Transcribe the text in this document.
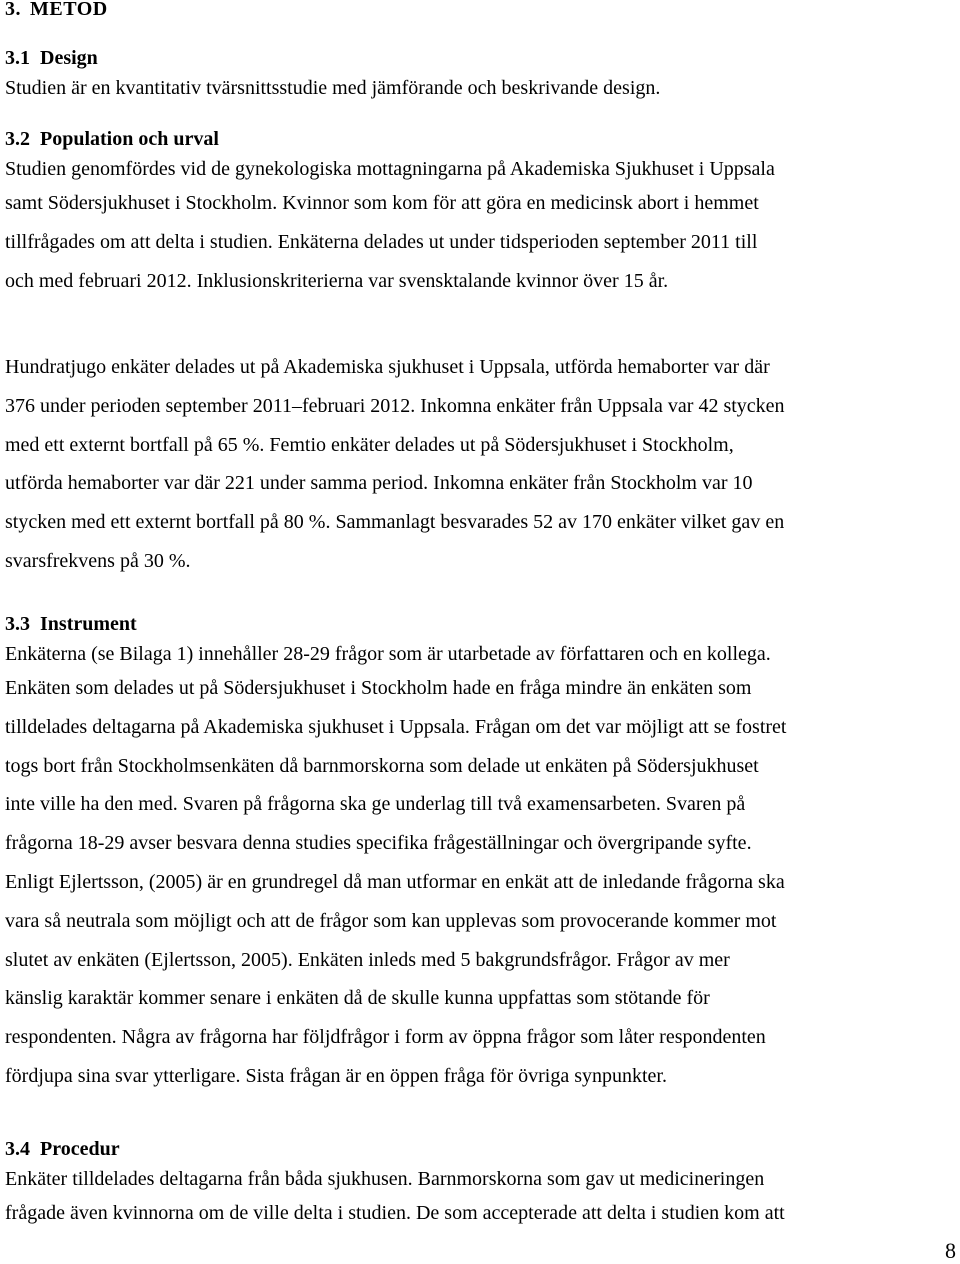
3. METOD
3.1 Design
Studien är en kvantitativ tvärsnittsstudie med jämförande och beskrivande design.
3.2 Population och urval
Studien genomfördes vid de gynekologiska mottagningarna på Akademiska Sjukhuset i Uppsala
samt Södersjukhuset i Stockholm. Kvinnor som kom för att göra en medicinsk abort i hemmet
tillfrågades om att delta i studien. Enkäterna delades ut under tidsperioden september 2011 till
och med februari 2012. Inklusionskriterierna var svensktalande kvinnor över 15 år.
Hundratjugo enkäter delades ut på Akademiska sjukhuset i Uppsala, utförda hemaborter var där
376 under perioden september 2011–februari 2012. Inkomna enkäter från Uppsala var 42 stycken
med ett externt bortfall på 65 %. Femtio enkäter delades ut på Södersjukhuset i Stockholm,
utförda hemaborter var där 221 under samma period. Inkomna enkäter från Stockholm var 10
stycken med ett externt bortfall på 80 %. Sammanlagt besvarades 52 av 170 enkäter vilket gav en
svarsfrekvens på 30 %.
3.3 Instrument
Enkäterna (se Bilaga 1) innehåller 28-29 frågor som är utarbetade av författaren och en kollega.
Enkäten som delades ut på Södersjukhuset i Stockholm hade en fråga mindre än enkäten som
tilldelades deltagarna på Akademiska sjukhuset i Uppsala. Frågan om det var möjligt att se fostret
togs bort från Stockholmsenkäten då barnmorskorna som delade ut enkäten på Södersjukhuset
inte ville ha den med. Svaren på frågorna ska ge underlag till två examensarbeten. Svaren på
frågorna 18-29 avser besvara denna studies specifika frågeställningar och övergripande syfte.
Enligt Ejlertsson, (2005) är en grundregel då man utformar en enkät att de inledande frågorna ska
vara så neutrala som möjligt och att de frågor som kan upplevas som provocerande kommer mot
slutet av enkäten (Ejlertsson, 2005). Enkäten inleds med 5 bakgrundsfrågor. Frågor av mer
känslig karaktär kommer senare i enkäten då de skulle kunna uppfattas som stötande för
respondenten. Några av frågorna har följdfrågor i form av öppna frågor som låter respondenten
fördjupa sina svar ytterligare. Sista frågan är en öppen fråga för övriga synpunkter.
3.4 Procedur
Enkäter tilldelades deltagarna från båda sjukhusen. Barnmorskorna som gav ut medicineringen
frågade även kvinnorna om de ville delta i studien. De som accepterade att delta i studien kom att
8
